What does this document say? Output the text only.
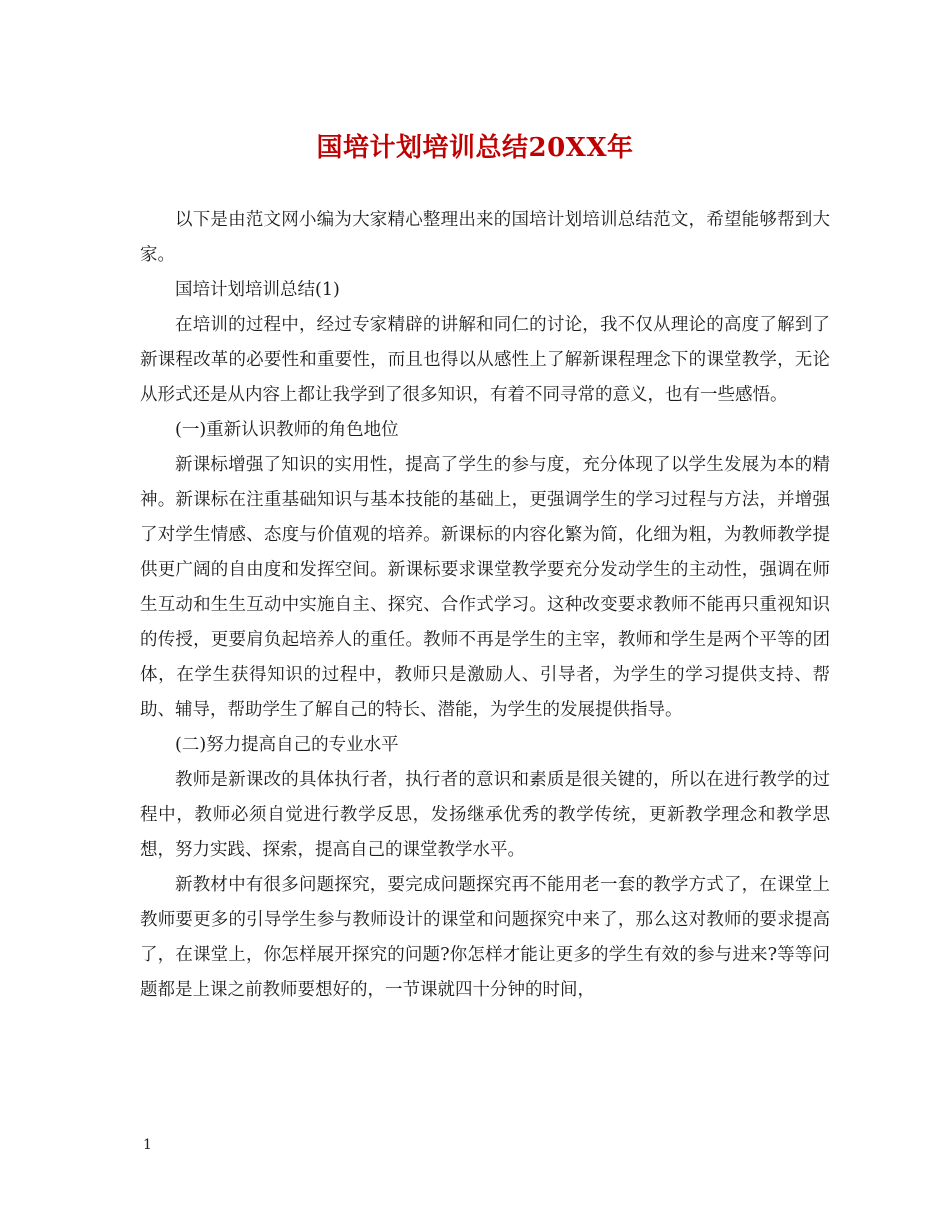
国培计划培训总结20XX年

以下是由范文网小编为大家精心整理出来的国培计划培训总结范文，希望能够帮到大家。

国培计划培训总结(1)

在培训的过程中，经过专家精辟的讲解和同仁的讨论，我不仅从理论的高度了解到了新课程改革的必要性和重要性，而且也得以从感性上了解新课程理念下的课堂教学，无论从形式还是从内容上都让我学到了很多知识，有着不同寻常的意义，也有一些感悟。

(一)重新认识教师的角色地位

新课标增强了知识的实用性，提高了学生的参与度，充分体现了以学生发展为本的精神。新课标在注重基础知识与基本技能的基础上，更强调学生的学习过程与方法，并增强了对学生情感、态度与价值观的培养。新课标的内容化繁为简，化细为粗，为教师教学提供更广阔的自由度和发挥空间。新课标要求课堂教学要充分发动学生的主动性，强调在师生互动和生生互动中实施自主、探究、合作式学习。这种改变要求教师不能再只重视知识的传授，更要肩负起培养人的重任。教师不再是学生的主宰，教师和学生是两个平等的团体，在学生获得知识的过程中，教师只是激励人、引导者，为学生的学习提供支持、帮助、辅导，帮助学生了解自己的特长、潜能，为学生的发展提供指导。

(二)努力提高自己的专业水平

教师是新课改的具体执行者，执行者的意识和素质是很关键的，所以在进行教学的过程中，教师必须自觉进行教学反思，发扬继承优秀的教学传统，更新教学理念和教学思想，努力实践、探索，提高自己的课堂教学水平。

新教材中有很多问题探究，要完成问题探究再不能用老一套的教学方式了，在课堂上教师要更多的引导学生参与教师设计的课堂和问题探究中来了，那么这对教师的要求提高了，在课堂上，你怎样展开探究的问题?你怎样才能让更多的学生有效的参与进来?等等问题都是上课之前教师要想好的，一节课就四十分钟的时间，

1
